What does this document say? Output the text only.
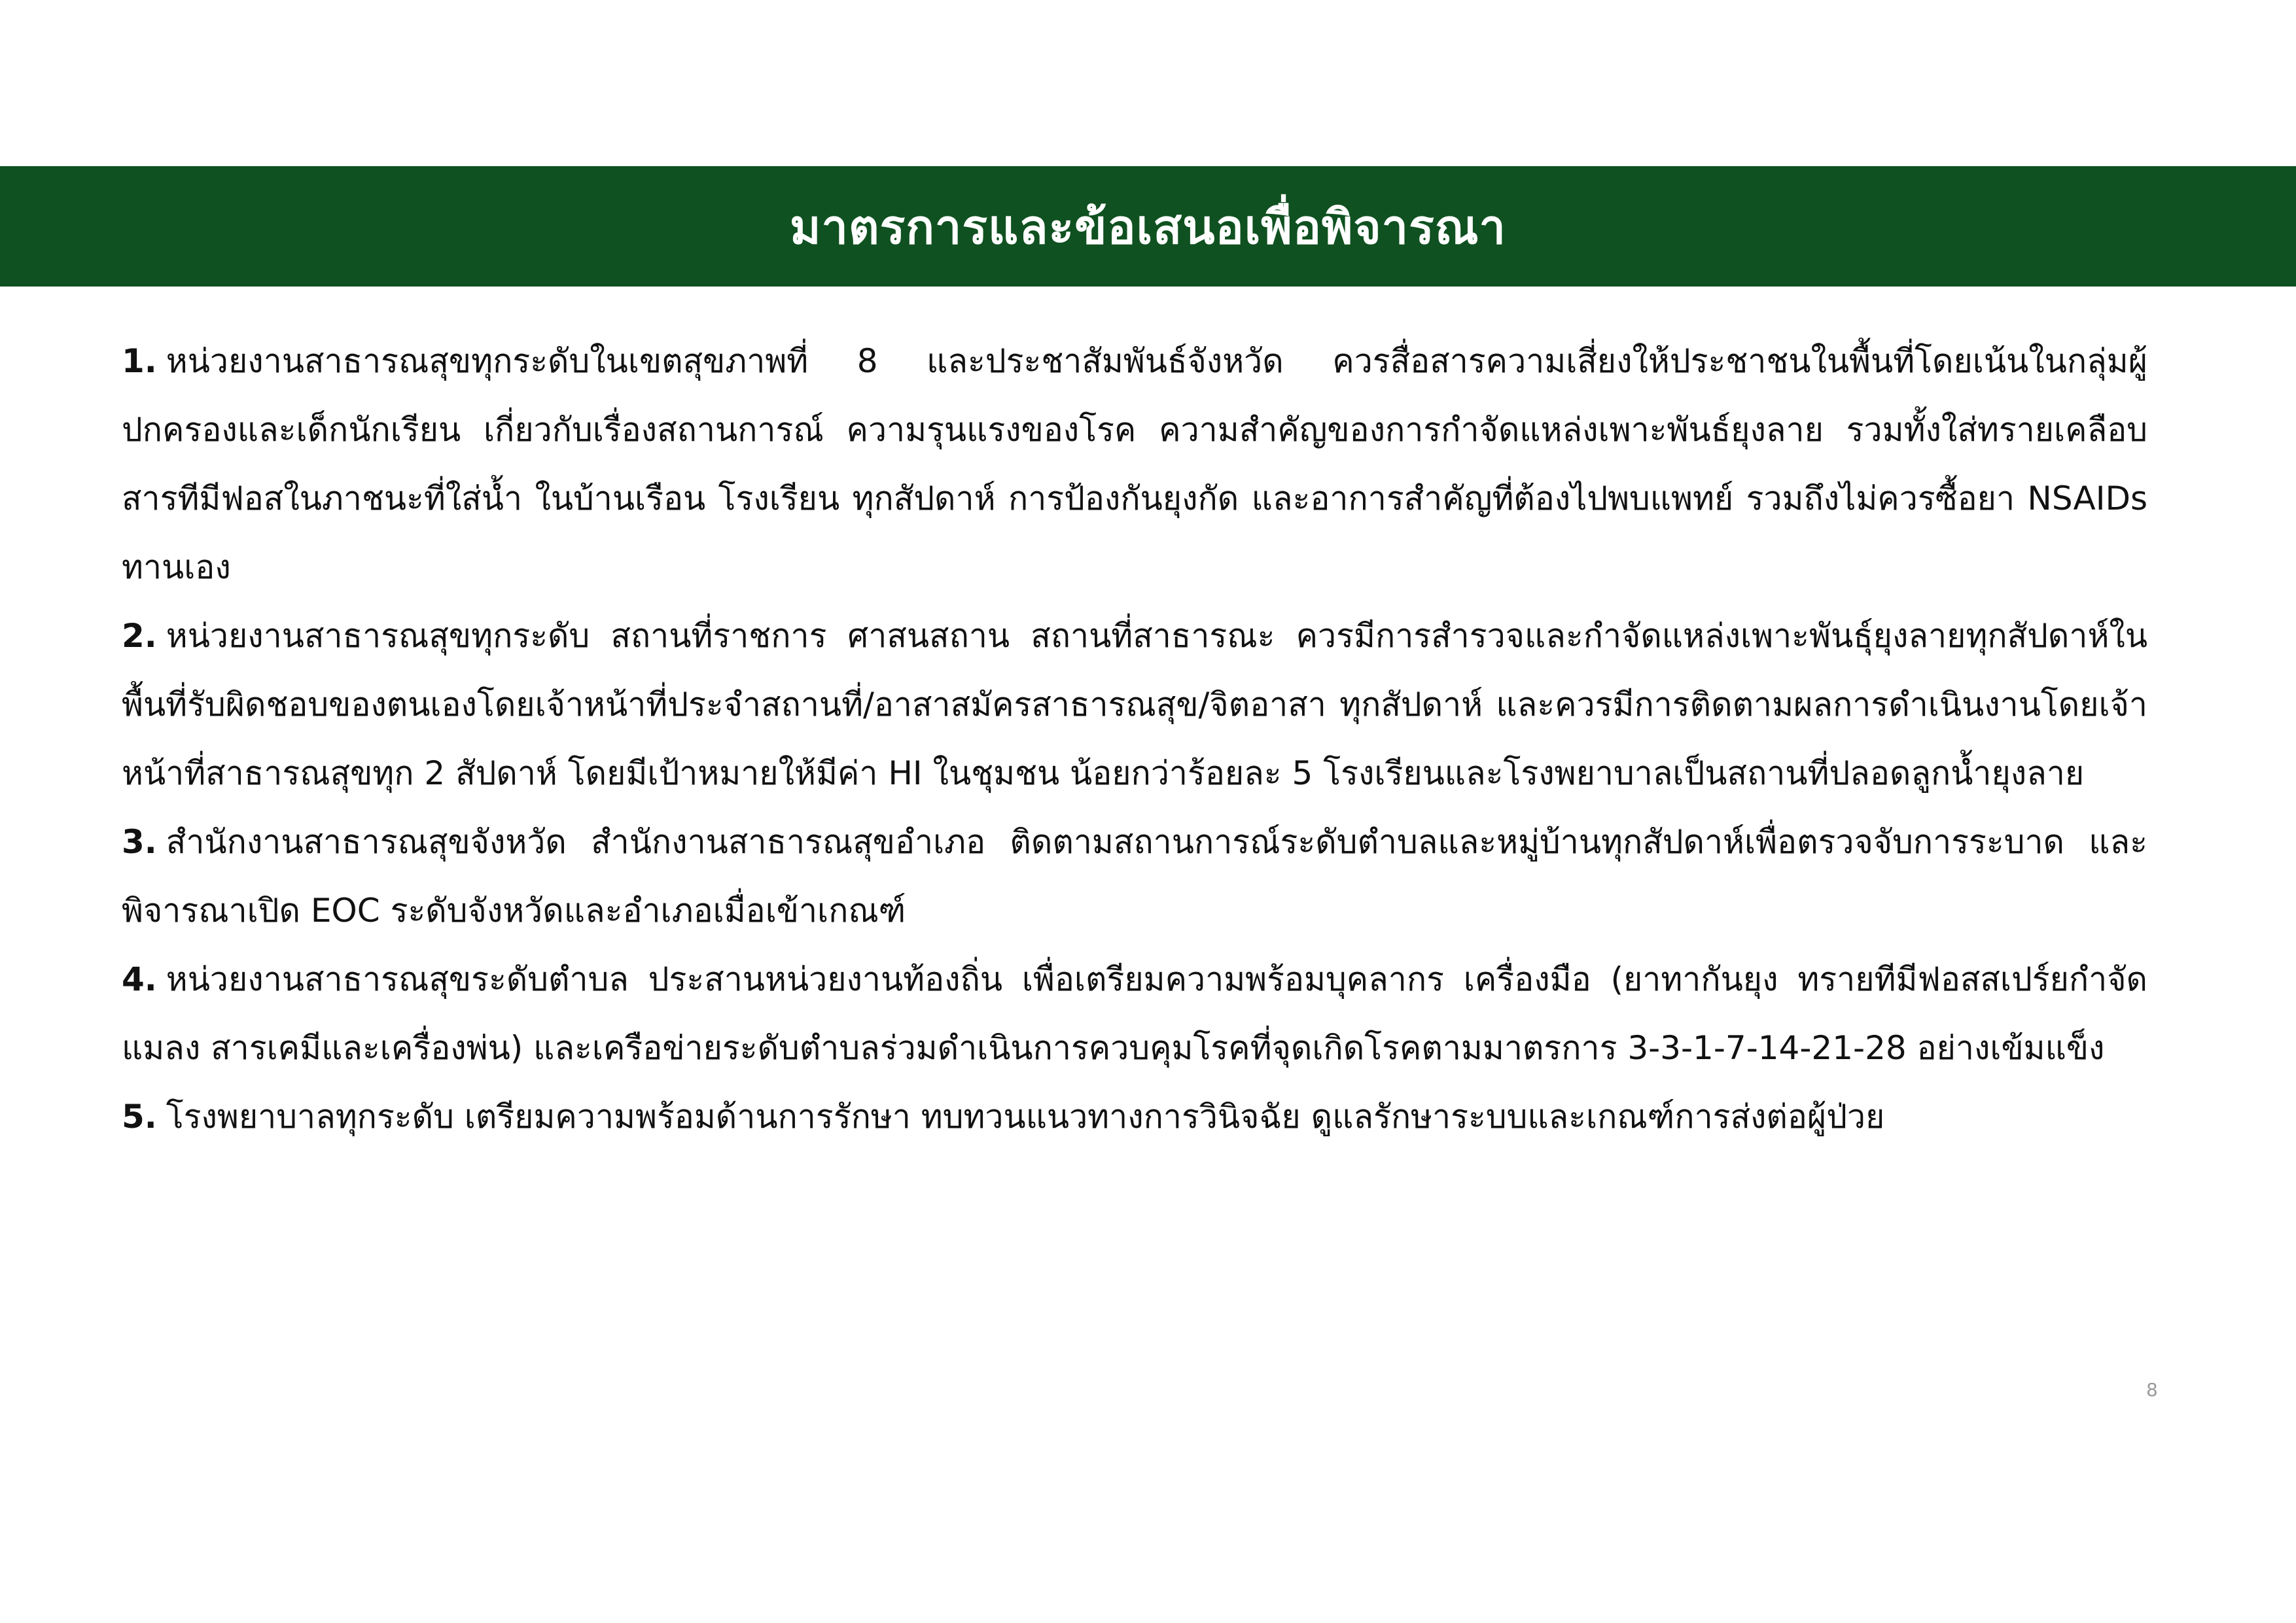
มาตรการและข้อเสนอเพื่อพิจารณา

1. หน่วยงานสาธารณสุขทุกระดับในเขตสุขภาพที่ 8 และประชาสัมพันธ์จังหวัด ควรสื่อสารความเสี่ยงให้ประชาชนในพื้นที่โดยเน้นในกลุ่มผู้ปกครองและเด็กนักเรียน เกี่ยวกับเรื่องสถานการณ์ ความรุนแรงของโรค ความสำคัญของการกำจัดแหล่งเพาะพันธ์ยุงลาย รวมทั้งใส่ทรายเคลือบสารทีมีฟอสในภาชนะที่ใส่น้ำ ในบ้านเรือน โรงเรียน ทุกสัปดาห์ การป้องกันยุงกัด และอาการสำคัญที่ต้องไปพบแพทย์ รวมถึงไม่ควรซื้อยา NSAIDs ทานเอง

2. หน่วยงานสาธารณสุขทุกระดับ สถานที่ราชการ ศาสนสถาน สถานที่สาธารณะ ควรมีการสำรวจและกำจัดแหล่งเพาะพันธุ์ยุงลายทุกสัปดาห์ในพื้นที่รับผิดชอบของตนเองโดยเจ้าหน้าที่ประจำสถานที่/อาสาสมัครสาธารณสุข/จิตอาสา ทุกสัปดาห์ และควรมีการติดตามผลการดำเนินงานโดยเจ้าหน้าที่สาธารณสุขทุก 2 สัปดาห์ โดยมีเป้าหมายให้มีค่า HI ในชุมชน น้อยกว่าร้อยละ 5 โรงเรียนและโรงพยาบาลเป็นสถานที่ปลอดลูกน้ำยุงลาย

3. สำนักงานสาธารณสุขจังหวัด สำนักงานสาธารณสุขอำเภอ ติดตามสถานการณ์ระดับตำบลและหมู่บ้านทุกสัปดาห์เพื่อตรวจจับการระบาด และพิจารณาเปิด EOC ระดับจังหวัดและอำเภอเมื่อเข้าเกณฑ์

4. หน่วยงานสาธารณสุขระดับตำบล ประสานหน่วยงานท้องถิ่น เพื่อเตรียมความพร้อมบุคลากร เครื่องมือ (ยาทากันยุง ทรายทีมีฟอสสเปร์ยกำจัดแมลง สารเคมีและเครื่องพ่น) และเครือข่ายระดับตำบลร่วมดำเนินการควบคุมโรคที่จุดเกิดโรคตามมาตรการ 3-3-1-7-14-21-28 อย่างเข้มแข็ง

5. โรงพยาบาลทุกระดับ เตรียมความพร้อมด้านการรักษา ทบทวนแนวทางการวินิจฉัย ดูแลรักษาระบบและเกณฑ์การส่งต่อผู้ป่วย

8
